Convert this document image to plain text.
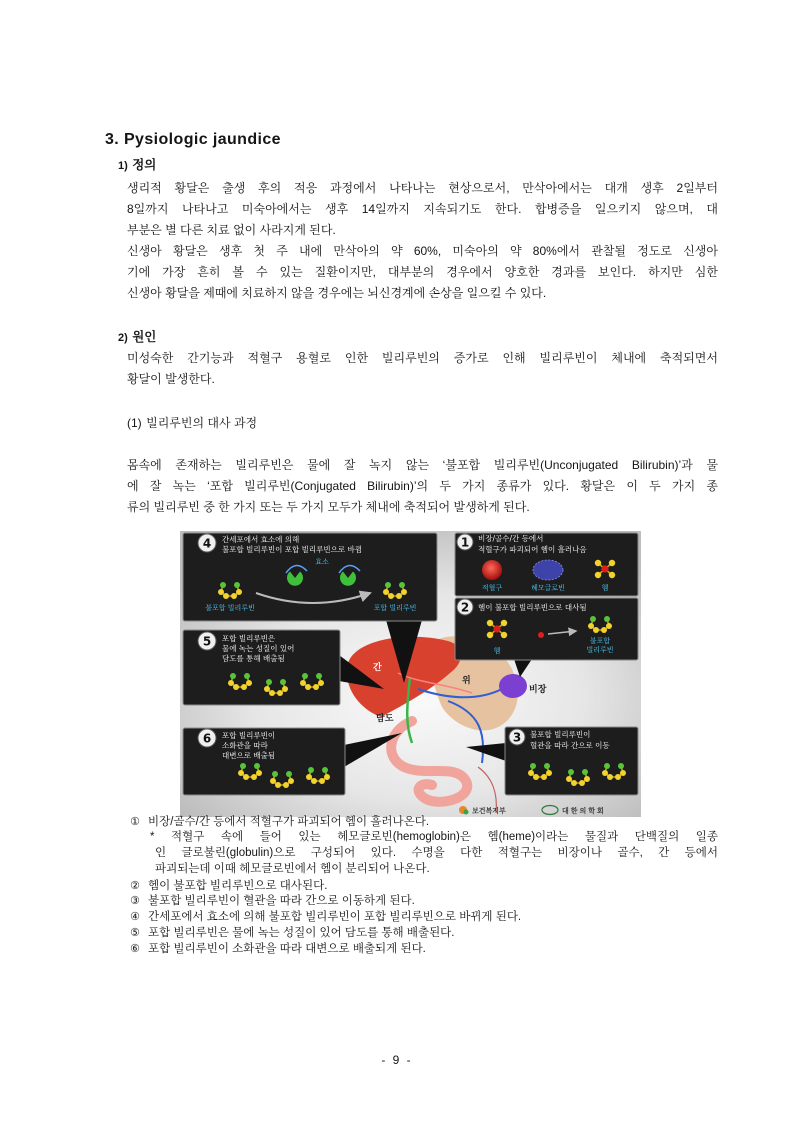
3. Pysiologic jaundice
1) 정의
생리적 황달은 출생 후의 적응 과정에서 나타나는 현상으로서, 만삭아에서는 대개 생후 2일부터
8일까지 나타나고 미숙아에서는 생후 14일까지 지속되기도 한다. 합병증을 일으키지 않으며, 대
부분은 별 다른 치료 없이 사라지게 된다.
신생아 황달은 생후 첫 주 내에 만삭아의 약 60%, 미숙아의 약 80%에서 관찰될 정도로 신생아
기에 가장 흔히 볼 수 있는 질환이지만, 대부분의 경우에서 양호한 경과를 보인다. 하지만 심한
신생아 황달을 제때에 치료하지 않을 경우에는 뇌신경계에 손상을 일으킬 수 있다.
2) 원인
미성숙한 간기능과 적혈구 용혈로 인한 빌리루빈의 증가로 인해 빌리루빈이 체내에 축적되면서
황달이 발생한다.
(1) 빌리루빈의 대사 과정
몸속에 존재하는 빌리루빈은 물에 잘 녹지 않는 ‘불포합 빌리루빈(Unconjugated Bilirubin)’과 물
에 잘 녹는 ‘포합 빌리루빈(Conjugated Bilirubin)’의 두 가지 종류가 있다. 황달은 이 두 가지 종
류의 빌리루빈 중 한 가지 또는 두 가지 모두가 체내에 축적되어 발생하게 된다.
간
위
비장
담도
4 간세포에서 효소에 의해
불포합 빌리루빈이 포합 빌리루빈으로 바뀜
효소
불포합 빌리루빈	포합 빌리루빈
1 비장/골수/간 등에서
적혈구가 파괴되어 헴이 흘러나옴
적혈구	헤모글로빈	헴
2 헴이 불포합 빌리루빈으로 대사됨
헴
불포합
빌리루빈
5 포합 빌리루빈은
물에 녹는 성질이 있어
담도를 통해 배출됨
6 포합 빌리루빈이
소화관을 따라
대변으로 배출됨
3 불포합 빌리루빈이
혈관을 따라 간으로 이동
보건복지부	대한의학회
① 비장/골수/간 등에서 적혈구가 파괴되어 헴이 흘러나온다.
* 적혈구 속에 들어 있는 헤모글로빈(hemoglobin)은 헴(heme)이라는 물질과 단백질의 일종
인 글로불린(globulin)으로 구성되어 있다. 수명을 다한 적혈구는 비장이나 골수, 간 등에서
파괴되는데 이때 헤모글로빈에서 헴이 분리되어 나온다.
② 헴이 불포합 빌리루빈으로 대사된다.
③ 불포합 빌리루빈이 혈관을 따라 간으로 이동하게 된다.
④ 간세포에서 효소에 의해 불포합 빌리루빈이 포합 빌리루빈으로 바뀌게 된다.
⑤ 포합 빌리루빈은 물에 녹는 성질이 있어 담도를 통해 배출된다.
⑥ 포합 빌리루빈이 소화관을 따라 대변으로 배출되게 된다.
- 9 -
